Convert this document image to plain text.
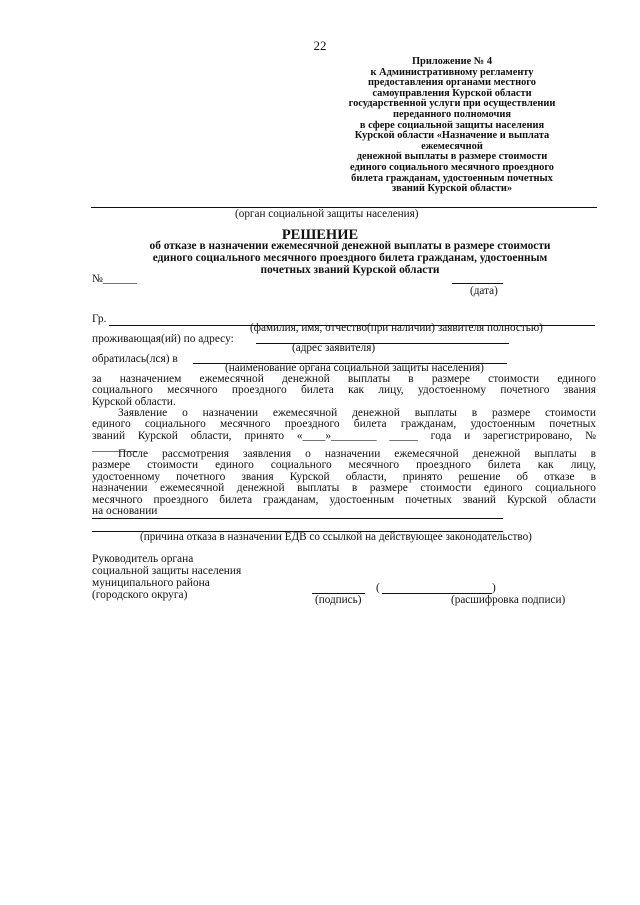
22
Приложение № 4
к Административному регламенту
предоставления органами местного
самоуправления Курской области
государственной услуги при осуществлении
переданного полномочия
в сфере социальной защиты населения
Курской области «Назначение и выплата
ежемесячной
денежной выплаты в размере стоимости
единого социального месячного проездного
билета гражданам, удостоенным почетных
званий Курской области»
(орган социальной защиты населения)
РЕШЕНИЕ
об отказе в назначении ежемесячной денежной выплаты в размере стоимости
единого социального месячного проездного билета гражданам, удостоенным
почетных званий Курской области
№______
(дата)
Гр.
(фамилия, имя, отчество(при наличии) заявителя полностью)
проживающая(ий) по адресу:
(адрес заявителя)
обратилась(лся) в
(наименование органа социальной защиты населения)
за назначением ежемесячной денежной выплаты в размере стоимости единого
социального месячного проездного билета как лицу, удостоенному почетного звания
Курской области.
Заявление о назначении ежемесячной денежной выплаты в размере стоимости
единого социального месячного проездного билета гражданам, удостоенным почетных
званий Курской области, принято «____»________ _____ года и зарегистрировано, №
________
После рассмотрения заявления о назначении ежемесячной денежной выплаты в
размере стоимости единого социального месячного проездного билета как лицу,
удостоенному почетного звания Курской области, принято решение об отказе в
назначении ежемесячной денежной выплаты в размере стоимости единого социального
месячного проездного билета гражданам, удостоенным почетных званий Курской области
на основании
(причина отказа в назначении ЕДВ со ссылкой на действующее законодательство)
Руководитель органа
социальной защиты населения
муниципального района
(городского округа)	(подпись)
(	)
(расшифровка подписи)
